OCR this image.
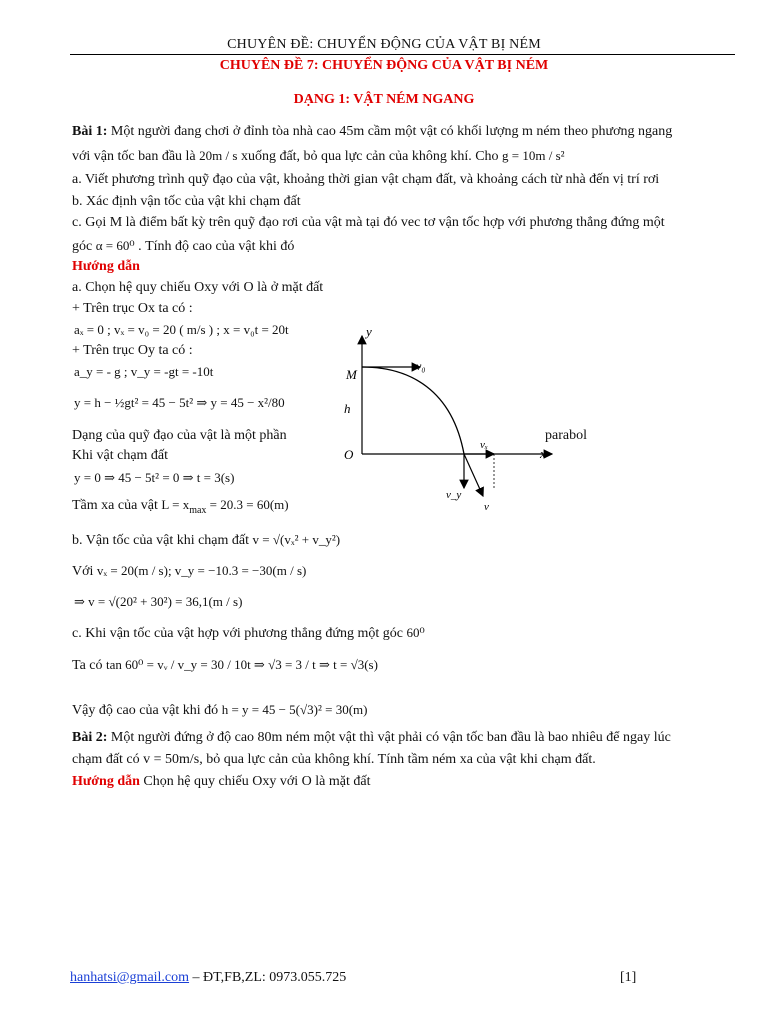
CHUYÊN ĐỀ: CHUYỂN ĐỘNG CỦA VẬT BỊ NÉM
CHUYÊN ĐỀ 7: CHUYỂN ĐỘNG CỦA VẬT BỊ NÉM
DẠNG 1: VẬT NÉM NGANG
Bài 1: Một người đang chơi ở đỉnh tòa nhà cao 45m cầm một vật có khối lượng m ném theo phương ngang
với vận tốc ban đầu là 20m / s xuống đất, bỏ qua lực cản của không khí. Cho g = 10m / s²
a. Viết phương trình quỹ đạo của vật, khoảng thời gian vật chạm đất, và khoảng cách từ nhà đến vị trí rơi
b. Xác định vận tốc của vật khi chạm đất
c. Gọi M là điểm bất kỳ trên quỹ đạo rơi của vật mà tại đó vec tơ vận tốc hợp với phương thẳng đứng một
góc α = 60⁰ . Tính độ cao của vật khi đó
Hướng dẫn
a. Chọn hệ quy chiếu Oxy với O là ở mặt đất
+ Trên trục Ox ta có :
aₓ = 0 ; vₓ = v₀ = 20 ( m/s ) ; x = v₀t = 20t
+ Trên trục Oy ta có :
a_y = - g ; v_y = -gt = -10t
y = h − ½gt² = 45 − 5t² ⇒ y = 45 − x²/80
Dạng của quỹ đạo của vật là một phần	parabol
Khi vật chạm đất
y = 0 ⇒ 45 − 5t² = 0 ⇒ t = 3(s)
Tầm xa của vật $L = x_{max} = 20.3 = 60(m)$
b. Vận tốc của vật khi chạm đất v = √(vₓ² + v_y²)
Với vₓ = 20(m / s); v_y = −10.3 = −30(m / s)
⇒ v = √(20² + 30²) = 36,1(m / s)
c. Khi vận tốc của vật hợp với phương thẳng đứng một góc 60⁰
Ta có tan 60⁰ = vᵥ / v_y = 30 / 10t ⇒ √3 = 3 / t ⇒ t = √3(s)
Vậy độ cao của vật khi đó h = y = 45 − 5(√3)² = 30(m)
Bài 2: Một người đứng ở độ cao 80m ném một vật thì vật phải có vận tốc ban đầu là bao nhiêu để ngay lúc
chạm đất có v = 50m/s, bỏ qua lực cản của không khí. Tính tầm ném xa của vật khi chạm đất.
Hướng dẫn Chọn hệ quy chiếu Oxy với O là mặt đất
y
x
O
M
h
v₀
vₓ
v_y
v
hanhatsi@gmail.com – ĐT,FB,ZL: 0973.055.725	[1]
